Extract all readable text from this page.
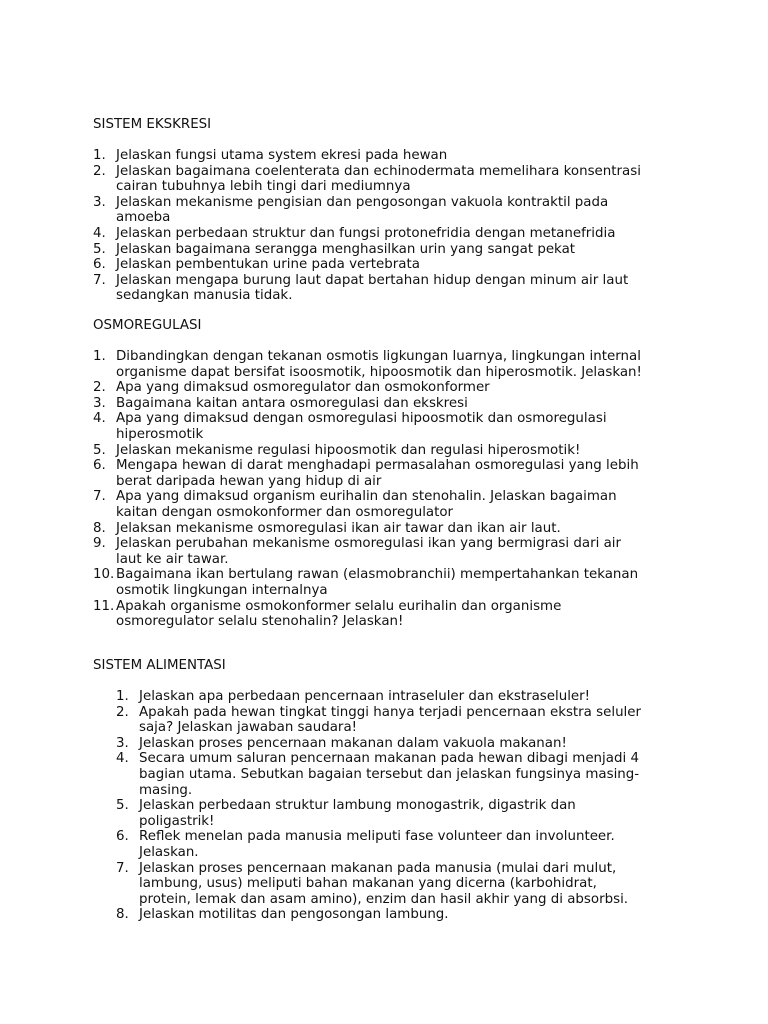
SISTEM EKSKRESI
1. Jelaskan fungsi utama system ekresi pada hewan
2. Jelaskan bagaimana coelenterata dan echinodermata memelihara konsentrasi
cairan tubuhnya lebih tingi dari mediumnya
3. Jelaskan mekanisme pengisian dan pengosongan vakuola kontraktil pada
amoeba
4. Jelaskan perbedaan struktur dan fungsi protonefridia dengan metanefridia
5. Jelaskan bagaimana serangga menghasilkan urin yang sangat pekat
6. Jelaskan pembentukan urine pada vertebrata
7. Jelaskan mengapa burung laut dapat bertahan hidup dengan minum air laut
sedangkan manusia tidak.
OSMOREGULASI
1. Dibandingkan dengan tekanan osmotis ligkungan luarnya, lingkungan internal
organisme dapat bersifat isoosmotik, hipoosmotik dan hiperosmotik. Jelaskan!
2. Apa yang dimaksud osmoregulator dan osmokonformer
3. Bagaimana kaitan antara osmoregulasi dan ekskresi
4. Apa yang dimaksud dengan osmoregulasi hipoosmotik dan osmoregulasi
hiperosmotik
5. Jelaskan mekanisme regulasi hipoosmotik dan regulasi hiperosmotik!
6. Mengapa hewan di darat menghadapi permasalahan osmoregulasi yang lebih
berat daripada hewan yang hidup di air
7. Apa yang dimaksud organism eurihalin dan stenohalin. Jelaskan bagaiman
kaitan dengan osmokonformer dan osmoregulator
8. Jelaksan mekanisme osmoregulasi ikan air tawar dan ikan air laut.
9. Jelaskan perubahan mekanisme osmoregulasi ikan yang bermigrasi dari air
laut ke air tawar.
10. Bagaimana ikan bertulang rawan (elasmobranchii) mempertahankan tekanan
osmotik lingkungan internalnya
11. Apakah organisme osmokonformer selalu eurihalin dan organisme
osmoregulator selalu stenohalin? Jelaskan!
SISTEM ALIMENTASI
1. Jelaskan apa perbedaan pencernaan intraseluler dan ekstraseluler!
2. Apakah pada hewan tingkat tinggi hanya terjadi pencernaan ekstra seluler
saja? Jelaskan jawaban saudara!
3. Jelaskan proses pencernaan makanan dalam vakuola makanan!
4. Secara umum saluran pencernaan makanan pada hewan dibagi menjadi 4
bagian utama. Sebutkan bagaian tersebut dan jelaskan fungsinya masing-
masing.
5. Jelaskan perbedaan struktur lambung monogastrik, digastrik dan
poligastrik!
6. Reflek menelan pada manusia meliputi fase volunteer dan involunteer.
Jelaskan.
7. Jelaskan proses pencernaan makanan pada manusia (mulai dari mulut,
lambung, usus) meliputi bahan makanan yang dicerna (karbohidrat,
protein, lemak dan asam amino), enzim dan hasil akhir yang di absorbsi.
8. Jelaskan motilitas dan pengosongan lambung.
